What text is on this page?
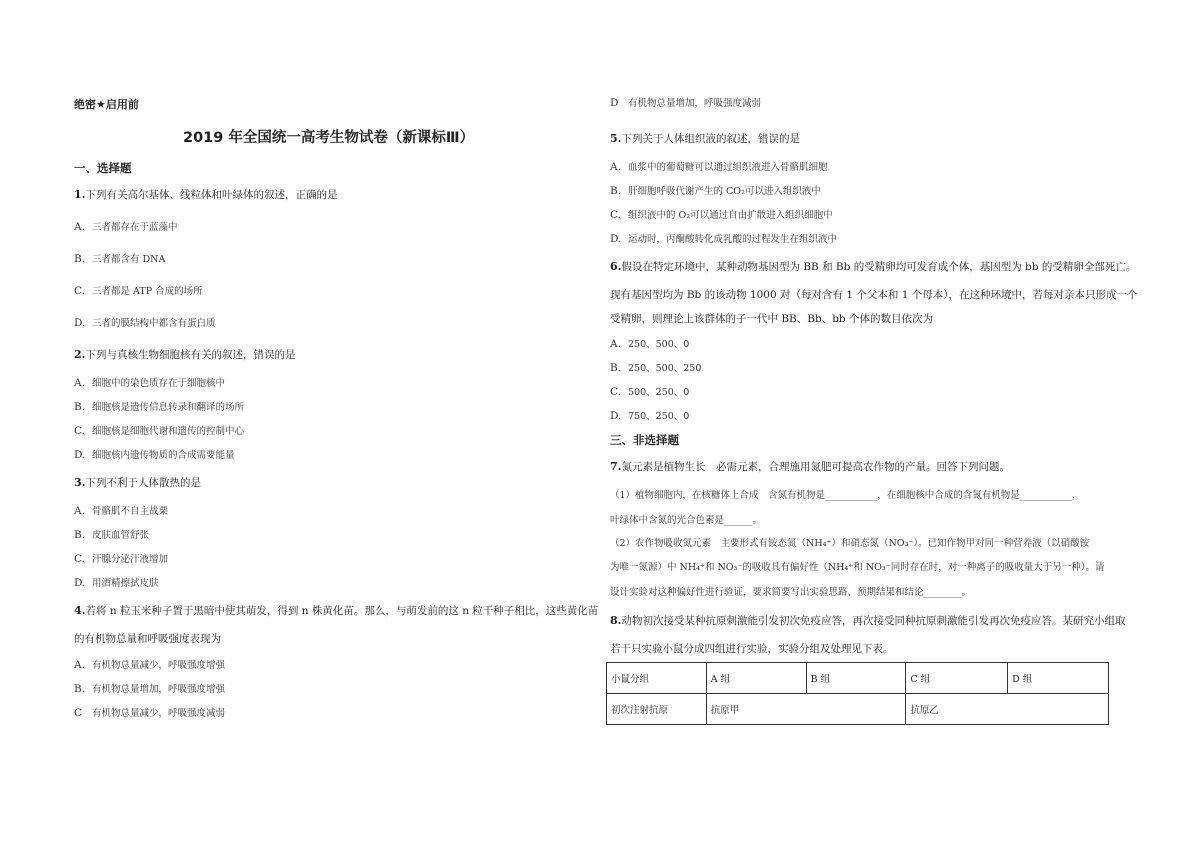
绝密★启用前
2019 年全国统一高考生物试卷（新课标Ⅲ）
一、选择题
1.下列有关高尔基体、线粒体和叶绿体的叙述，正确的是
A. 三者都存在于蓝藻中
B. 三者都含有 DNA
C. 三者都是 ATP 合成的场所
D. 三者的膜结构中都含有蛋白质
2.下列与真核生物细胞核有关的叙述，错误的是
A. 细胞中的染色质存在于细胞核中
B. 细胞核是遗传信息转录和翻译的场所
C. 细胞核是细胞代谢和遗传的控制中心
D. 细胞核内遗传物质的合成需要能量
3.下列不利于人体散热的是
A. 骨骼肌不自主战栗
B. 皮肤血管舒张
C. 汗腺分泌汗液增加
D. 用酒精擦拭皮肤
4.若将 n 粒玉米种子置于黑暗中使其萌发，得到 n 株黄化苗。那么，与萌发前的这 n 粒干种子相比，这些黄化苗
的有机物总量和呼吸强度表现为
A. 有机物总量减少，呼吸强度增强
B. 有机物总量增加，呼吸强度增强
C 有机物总量减少，呼吸强度减弱
D 有机物总量增加，呼吸强度减弱
5.下列关于人体组织液的叙述，错误的是
A. 血浆中的葡萄糖可以通过组织液进入骨骼肌细胞
B. 肝细胞呼吸代谢产生的 CO₂可以进入组织液中
C. 组织液中的 O₂可以通过自由扩散进入组织细胞中
D. 运动时，丙酮酸转化成乳酸的过程发生在组织液中
6.假设在特定环境中，某种动物基因型为 BB 和 Bb 的受精卵均可发育成个体，基因型为 bb 的受精卵全部死亡。
现有基因型均为 Bb 的该动物 1000 对（每对含有 1 个父本和 1 个母本），在这种环境中，若每对亲本只形成一个
受精卵，则理论上该群体的子一代中 BB、Bb、bb 个体的数目依次为
A. 250、500、0
B. 250、500、250
C. 500、250、0
D. 750、250、0
三、非选择题
7.氮元素是植物生长　必需元素，合理施用氮肥可提高农作物的产量。回答下列问题。
（1）植物细胞内，在核糖体上合成　含氮有机物是___________，在细胞核中合成的含氮有机物是___________，
叶绿体中含氮的光合色素是______。
（2）农作物吸收氮元素　主要形式有铵态氮（NH₄⁺）和硝态氮（NO₃⁻）。已知作物甲对同一种营养液（以硝酸铵
为唯一氮源）中 NH₄⁺和 NO₃⁻的吸收具有偏好性（NH₄⁺和 NO₃⁻同时存在时，对一种离子的吸收量大于另一种）。请
设计实验对这种偏好性进行验证，要求简要写出实验思路、预期结果和结论________。
8.动物初次接受某种抗原刺激能引发初次免疫应答，再次接受同种抗原刺激能引发再次免疫应答。某研究小组取
若干只实验小鼠分成四组进行实验，实验分组及处理见下表。
小鼠分组	A 组	B 组	C 组	D 组
初次注射抗原	抗原甲		抗原乙	
